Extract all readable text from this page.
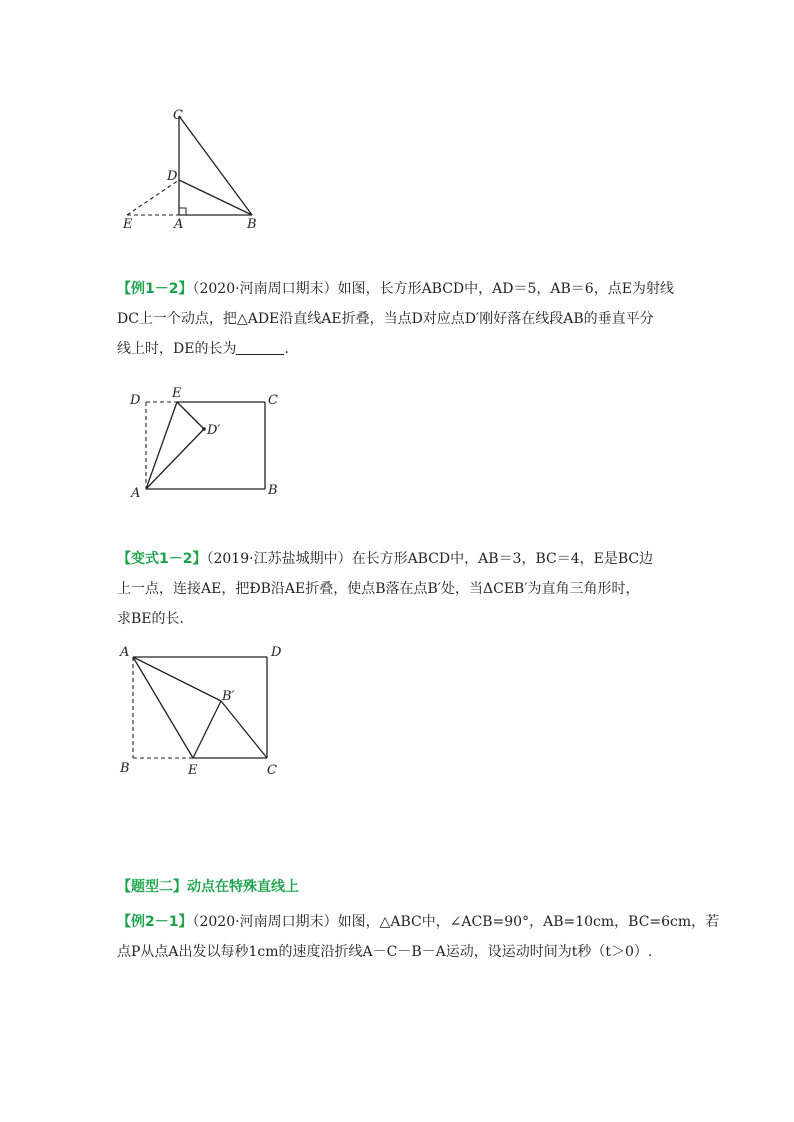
C
D
E	A	B
【例1－2】（2020·河南周口期末）如图，长方形ABCD中，AD＝5，AB＝6，点E为射线
DC上一个动点，把△ADE沿直线AE折叠，当点D对应点D′刚好落在线段AB的垂直平分
线上时，DE的长为	.
D E	C
D′
A	B
【变式1－2】（2019·江苏盐城期中）在长方形ABCD中，AB＝3，BC＝4，E是BC边
上一点，连接AE，把ÐB沿AE折叠，使点B落在点B′处，当ΔCEB′为直角三角形时，
求BE的长.
A	D
B′
B	E	C
【题型二】动点在特殊直线上
【例2－1】（2020·河南周口期末）如图，△ABC中，∠ACB=90°，AB=10cm，BC=6cm，若
点P从点A出发以每秒1cm的速度沿折线A－C－B－A运动，设运动时间为t秒（t＞0）.
